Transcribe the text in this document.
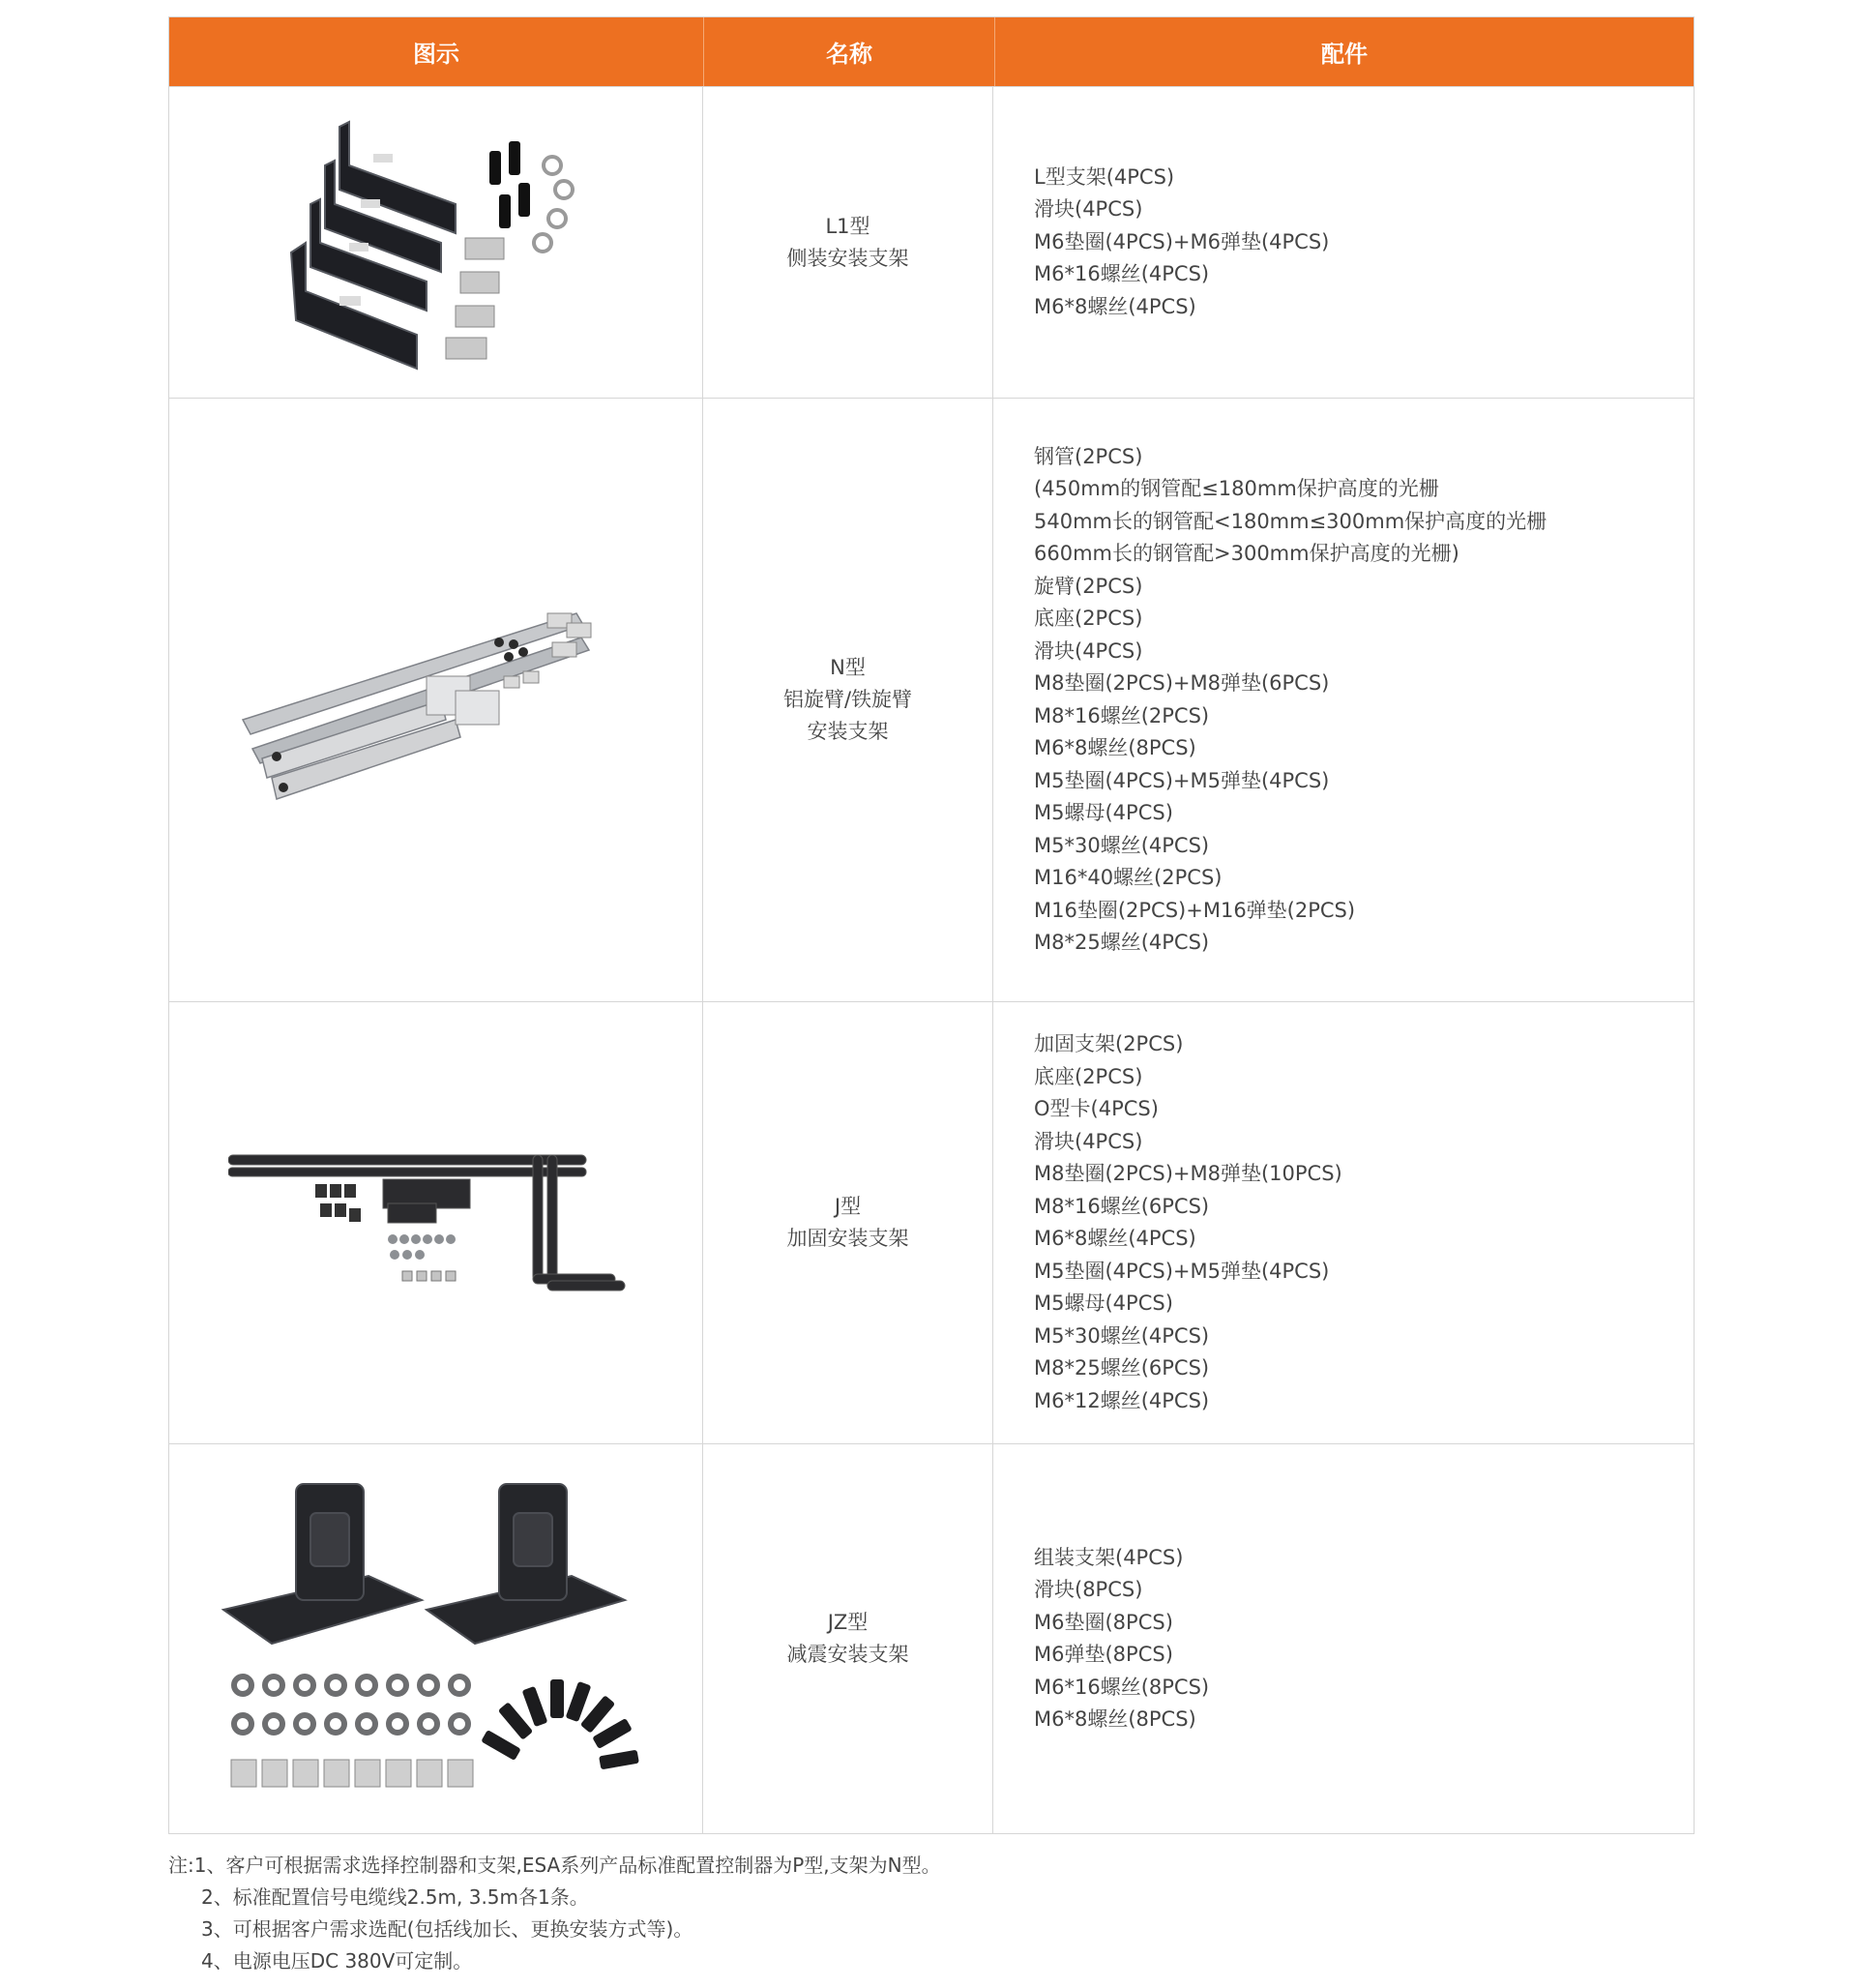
图示	名称	配件
L1型
侧装安装支架
L型支架(4PCS)
滑块(4PCS)
M6垫圈(4PCS)+M6弹垫(4PCS)
M6*16螺丝(4PCS)
M6*8螺丝(4PCS)
N型
铝旋臂/铁旋臂
安装支架
钢管(2PCS)
(450mm的钢管配≤180mm保护高度的光栅
540mm长的钢管配<180mm≤300mm保护高度的光栅
660mm长的钢管配>300mm保护高度的光栅)
旋臂(2PCS)
底座(2PCS)
滑块(4PCS)
M8垫圈(2PCS)+M8弹垫(6PCS)
M8*16螺丝(2PCS)
M6*8螺丝(8PCS)
M5垫圈(4PCS)+M5弹垫(4PCS)
M5螺母(4PCS)
M5*30螺丝(4PCS)
M16*40螺丝(2PCS)
M16垫圈(2PCS)+M16弹垫(2PCS)
M8*25螺丝(4PCS)
J型
加固安装支架
加固支架(2PCS)
底座(2PCS)
O型卡(4PCS)
滑块(4PCS)
M8垫圈(2PCS)+M8弹垫(10PCS)
M8*16螺丝(6PCS)
M6*8螺丝(4PCS)
M5垫圈(4PCS)+M5弹垫(4PCS)
M5螺母(4PCS)
M5*30螺丝(4PCS)
M8*25螺丝(6PCS)
M6*12螺丝(4PCS)
JZ型
减震安装支架
组装支架(4PCS)
滑块(8PCS)
M6垫圈(8PCS)
M6弹垫(8PCS)
M6*16螺丝(8PCS)
M6*8螺丝(8PCS)
注:1、客户可根据需求选择控制器和支架,ESA系列产品标准配置控制器为P型,支架为N型。
2、标准配置信号电缆线2.5m, 3.5m各1条。
3、可根据客户需求选配(包括线加长、更换安装方式等)。
4、电源电压DC 380V可定制。
